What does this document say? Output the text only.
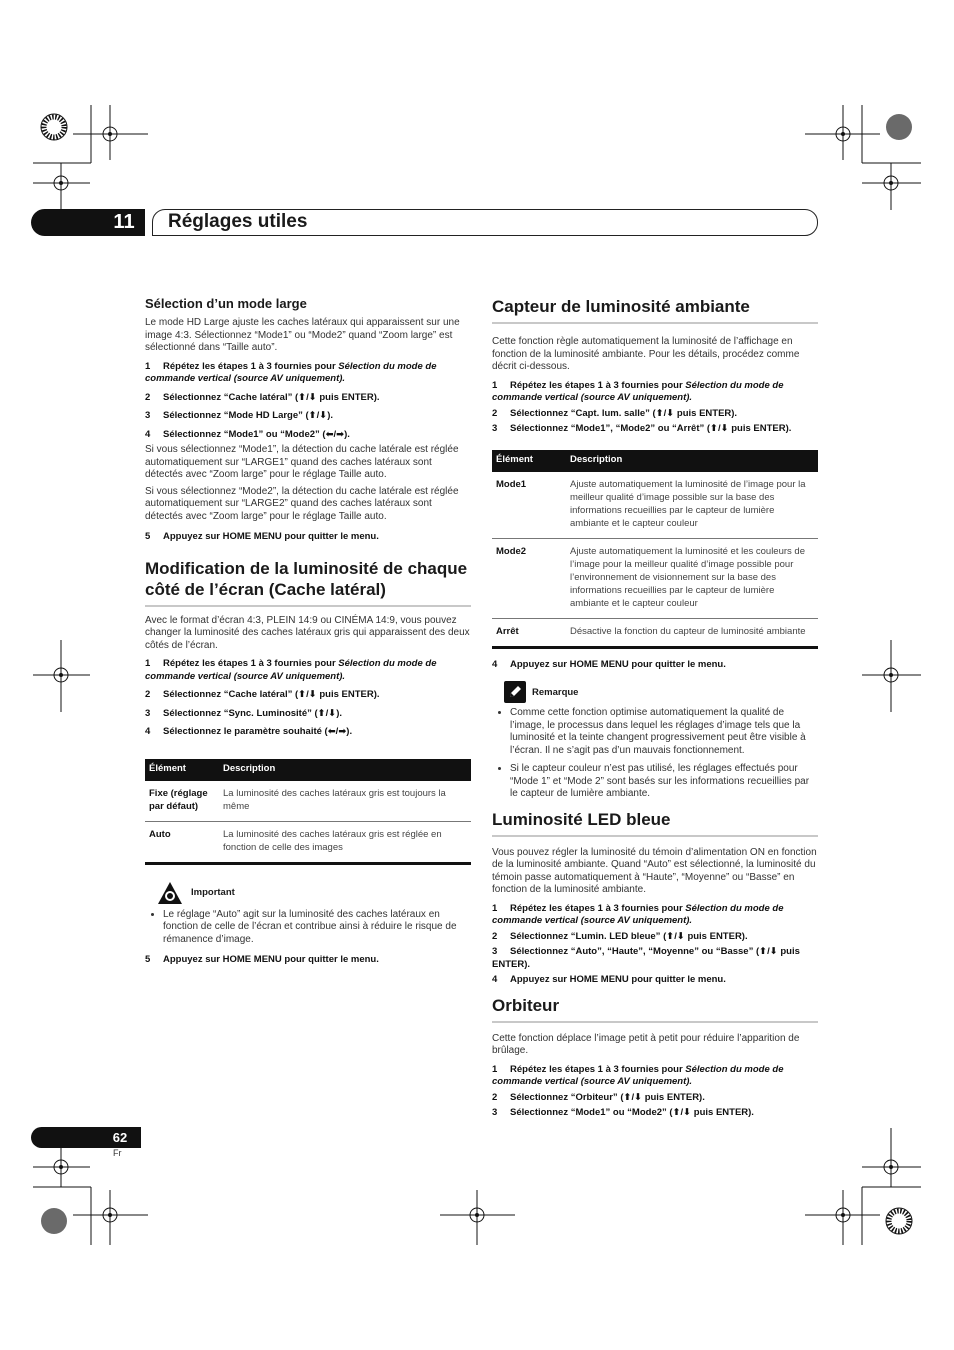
11	Réglages utiles
Sélection d’un mode large

Le mode HD Large ajuste les caches latéraux qui apparaissent sur une image 4:3. Sélectionnez “Mode1” ou “Mode2” quand “Zoom large” est sélectionné dans “Taille auto”.

1 Répétez les étapes 1 à 3 fournies pour Sélection du mode de commande vertical (source AV uniquement).

2 Sélectionnez “Cache latéral” (⬆/⬇ puis ENTER).

3 Sélectionnez “Mode HD Large” (⬆/⬇).

4 Sélectionnez “Mode1” ou “Mode2” (⬅/➡).

Si vous sélectionnez “Mode1”, la détection du cache latérale est réglée automatiquement sur “LARGE1” quand des caches latéraux sont détectés avec “Zoom large” pour le réglage Taille auto.

Si vous sélectionnez “Mode2”, la détection du cache latérale est réglée automatiquement sur “LARGE2” quand des caches latéraux sont détectés avec “Zoom large” pour le réglage Taille auto.

5 Appuyez sur HOME MENU pour quitter le menu.

Modification de la luminosité de chaque côté de l’écran (Cache latéral)

Avec le format d’écran 4:3, PLEIN 14:9 ou CINÉMA 14:9, vous pouvez changer la luminosité des caches latéraux gris qui apparaissent des deux côtés de l’écran.

1 Répétez les étapes 1 à 3 fournies pour Sélection du mode de commande vertical (source AV uniquement).

2 Sélectionnez “Cache latéral” (⬆/⬇ puis ENTER).

3 Sélectionnez “Sync. Luminosité” (⬆/⬇).

4 Sélectionnez le paramètre souhaité (⬅/➡).

Élément	Description
Fixe (réglage par défaut)	La luminosité des caches latéraux gris est toujours la même
Auto	La luminosité des caches latéraux gris est réglée en fonction de celle des images
Important
• Le réglage “Auto” agit sur la luminosité des caches latéraux en fonction de celle de l’écran et contribue ainsi à réduire le risque de rémanence d’image.

5 Appuyez sur HOME MENU pour quitter le menu.

Capteur de luminosité ambiante

Cette fonction règle automatiquement la luminosité de l’affichage en fonction de la luminosité ambiante. Pour les détails, procédez comme décrit ci-dessous.

1 Répétez les étapes 1 à 3 fournies pour Sélection du mode de commande vertical (source AV uniquement).

2 Sélectionnez “Capt. lum. salle” (⬆/⬇ puis ENTER).

3 Sélectionnez “Mode1”, “Mode2” ou “Arrêt” (⬆/⬇ puis ENTER).

Élément	Description
Mode1	Ajuste automatiquement la luminosité de l’image pour la meilleur qualité d’image possible sur la base des informations recueillies par le capteur de lumière ambiante et le capteur couleur
Mode2	Ajuste automatiquement la luminosité et les couleurs de l’image pour la meilleur qualité d’image possible pour l’environnement de visionnement sur la base des informations recueillies par le capteur de lumière ambiante et le capteur couleur
Arrêt	Désactive la fonction du capteur de luminosité ambiante

4 Appuyez sur HOME MENU pour quitter le menu.

Remarque
• Comme cette fonction optimise automatiquement la qualité de l’image, le processus dans lequel les réglages d’image tels que la luminosité et la teinte changent progressivement peut être visible à l’écran. Il ne s’agit pas d’un mauvais fonctionnement.
• Si le capteur couleur n’est pas utilisé, les réglages effectués pour “Mode 1” et “Mode 2” sont basés sur les informations recueillies par le capteur de lumière ambiante.
Luminosité LED bleue

Vous pouvez régler la luminosité du témoin d’alimentation ON en fonction de la luminosité ambiante. Quand “Auto” est sélectionné, la luminosité du témoin passe automatiquement à “Haute”, “Moyenne” ou “Basse” en fonction de la luminosité ambiante.

1 Répétez les étapes 1 à 3 fournies pour Sélection du mode de commande vertical (source AV uniquement).

2 Sélectionnez “Lumin. LED bleue” (⬆/⬇ puis ENTER).

3 Sélectionnez “Auto”, “Haute”, “Moyenne” ou “Basse” (⬆/⬇ puis ENTER).

4 Appuyez sur HOME MENU pour quitter le menu.

Orbiteur

Cette fonction déplace l’image petit à petit pour réduire l’apparition de brûlage.

1 Répétez les étapes 1 à 3 fournies pour Sélection du mode de commande vertical (source AV uniquement).

2 Sélectionnez “Orbiteur” (⬆/⬇ puis ENTER).

3 Sélectionnez “Mode1” ou “Mode2” (⬆/⬇ puis ENTER).

62
Fr
